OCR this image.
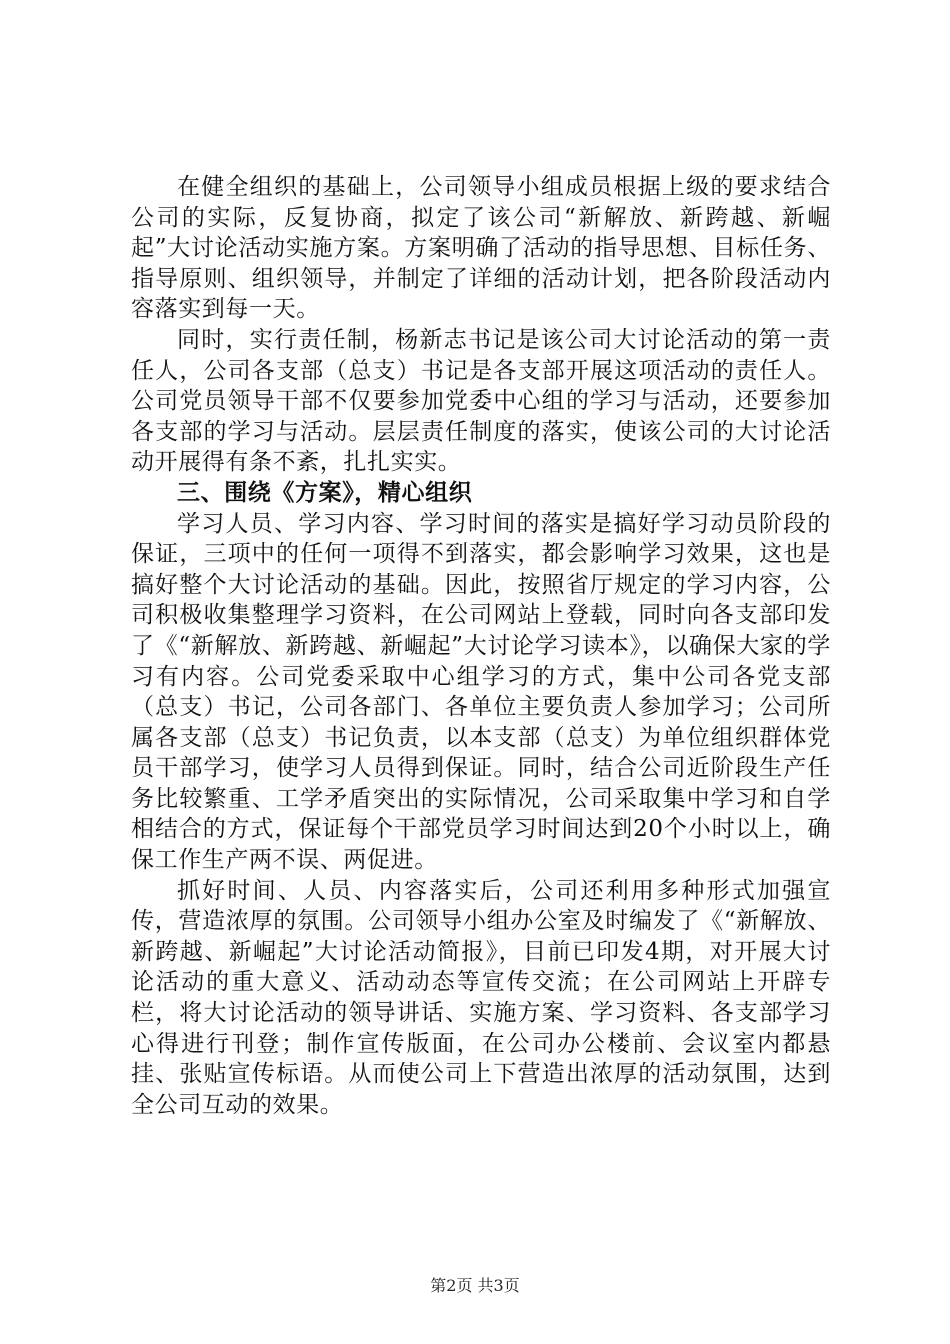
在健全组织的基础上，公司领导小组成员根据上级的要求结合公司的实际，反复协商，拟定了该公司“新解放、新跨越、新崛起”大讨论活动实施方案。方案明确了活动的指导思想、目标任务、指导原则、组织领导，并制定了详细的活动计划，把各阶段活动内容落实到每一天。

同时，实行责任制，杨新志书记是该公司大讨论活动的第一责任人，公司各支部（总支）书记是各支部开展这项活动的责任人。公司党员领导干部不仅要参加党委中心组的学习与活动，还要参加各支部的学习与活动。层层责任制度的落实，使该公司的大讨论活动开展得有条不紊，扎扎实实。

三、围绕《方案》，精心组织

学习人员、学习内容、学习时间的落实是搞好学习动员阶段的保证，三项中的任何一项得不到落实，都会影响学习效果，这也是搞好整个大讨论活动的基础。因此，按照省厅规定的学习内容，公司积极收集整理学习资料，在公司网站上登载，同时向各支部印发了《“新解放、新跨越、新崛起”大讨论学习读本》，以确保大家的学习有内容。公司党委采取中心组学习的方式，集中公司各党支部（总支）书记，公司各部门、各单位主要负责人参加学习；公司所属各支部（总支）书记负责，以本支部（总支）为单位组织群体党员干部学习，使学习人员得到保证。同时，结合公司近阶段生产任务比较繁重、工学矛盾突出的实际情况，公司采取集中学习和自学相结合的方式，保证每个干部党员学习时间达到20个小时以上，确保工作生产两不误、两促进。

抓好时间、人员、内容落实后，公司还利用多种形式加强宣传，营造浓厚的氛围。公司领导小组办公室及时编发了《“新解放、新跨越、新崛起”大讨论活动简报》，目前已印发4期，对开展大讨论活动的重大意义、活动动态等宣传交流；在公司网站上开辟专栏，将大讨论活动的领导讲话、实施方案、学习资料、各支部学习心得进行刊登；制作宣传版面，在公司办公楼前、会议室内都悬挂、张贴宣传标语。从而使公司上下营造出浓厚的活动氛围，达到全公司互动的效果。

第2页 共3页
